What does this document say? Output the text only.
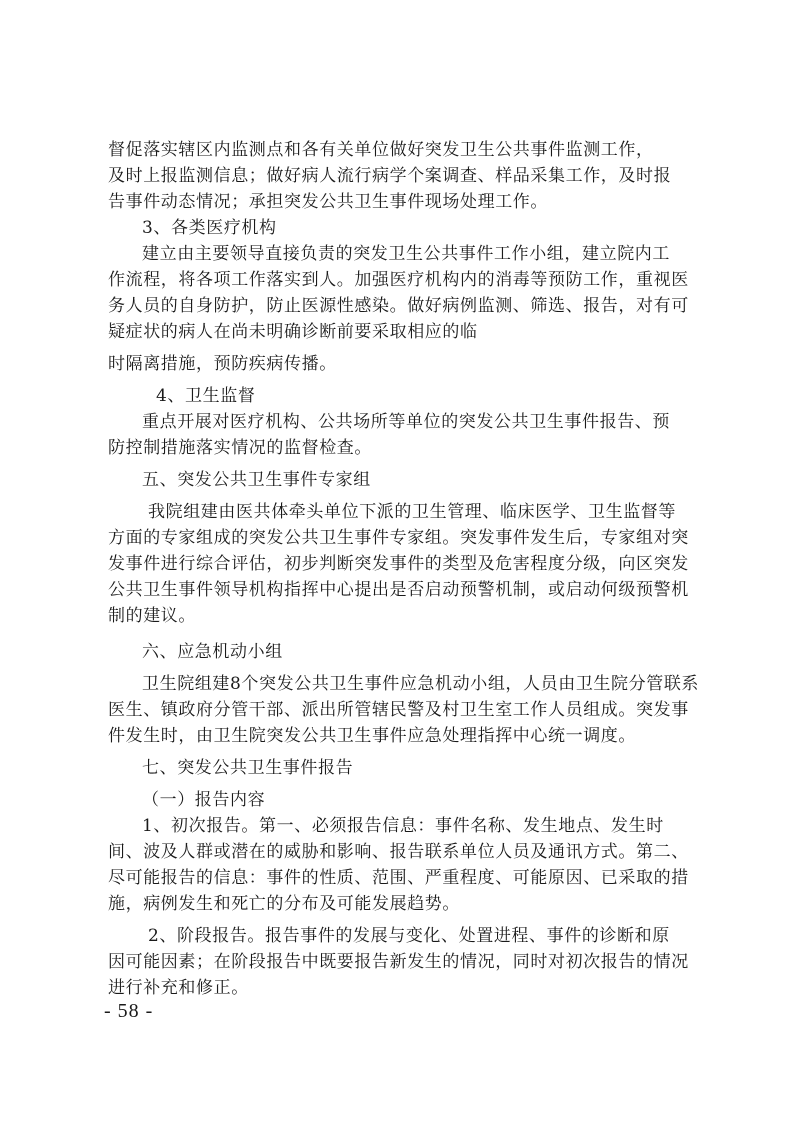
督促落实辖区内监测点和各有关单位做好突发卫生公共事件监测工作，
及时上报监测信息；做好病人流行病学个案调查、样品采集工作，及时报
告事件动态情况；承担突发公共卫生事件现场处理工作。
3、各类医疗机构
建立由主要领导直接负责的突发卫生公共事件工作小组，建立院内工
作流程，将各项工作落实到人。加强医疗机构内的消毒等预防工作，重视医
务人员的自身防护，防止医源性感染。做好病例监测、筛选、报告，对有可
疑症状的病人在尚未明确诊断前要采取相应的临
时隔离措施，预防疾病传播。
4、卫生监督
重点开展对医疗机构、公共场所等单位的突发公共卫生事件报告、预
防控制措施落实情况的监督检查。
五、突发公共卫生事件专家组
我院组建由医共体牵头单位下派的卫生管理、临床医学、卫生监督等
方面的专家组成的突发公共卫生事件专家组。突发事件发生后，专家组对突
发事件进行综合评估，初步判断突发事件的类型及危害程度分级，向区突发
公共卫生事件领导机构指挥中心提出是否启动预警机制，或启动何级预警机
制的建议。
六、应急机动小组
卫生院组建8个突发公共卫生事件应急机动小组，人员由卫生院分管联系
医生、镇政府分管干部、派出所管辖民警及村卫生室工作人员组成。突发事
件发生时，由卫生院突发公共卫生事件应急处理指挥中心统一调度。
七、突发公共卫生事件报告
（一）报告内容
1、初次报告。第一、必须报告信息：事件名称、发生地点、发生时
间、波及人群或潜在的威胁和影响、报告联系单位人员及通讯方式。第二、
尽可能报告的信息：事件的性质、范围、严重程度、可能原因、已采取的措
施，病例发生和死亡的分布及可能发展趋势。
2、阶段报告。报告事件的发展与变化、处置进程、事件的诊断和原
因可能因素；在阶段报告中既要报告新发生的情况，同时对初次报告的情况
进行补充和修正。
- 58 -
